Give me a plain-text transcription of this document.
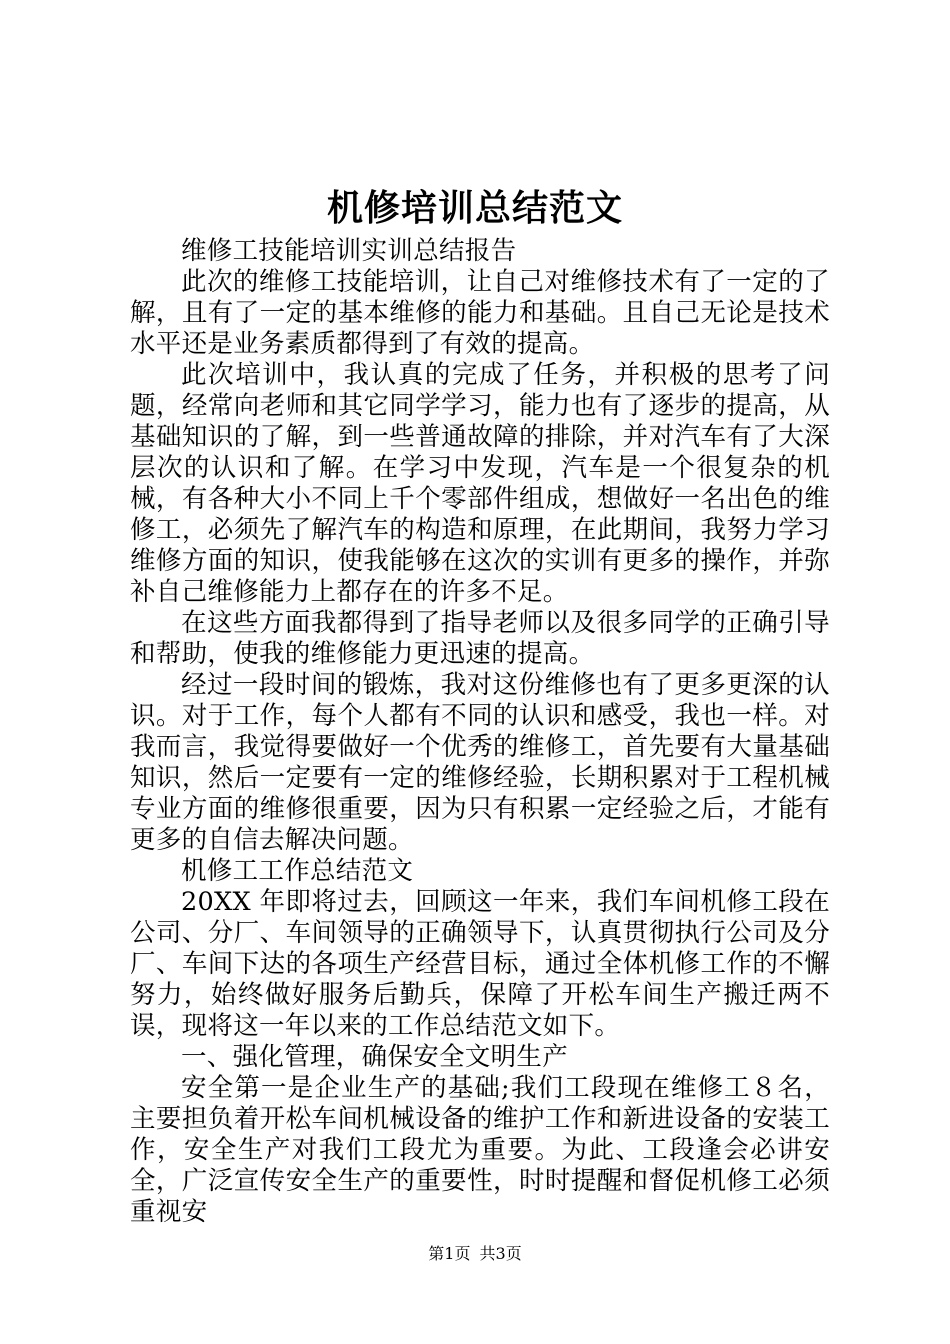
机修培训总结范文

维修工技能培训实训总结报告

此次的维修工技能培训，让自己对维修技术有了一定的了解，且有了一定的基本维修的能力和基础。且自己无论是技术水平还是业务素质都得到了有效的提高。

此次培训中，我认真的完成了任务，并积极的思考了问题，经常向老师和其它同学学习，能力也有了逐步的提高，从基础知识的了解，到一些普通故障的排除，并对汽车有了大深层次的认识和了解。在学习中发现，汽车是一个很复杂的机械，有各种大小不同上千个零部件组成，想做好一名出色的维修工，必须先了解汽车的构造和原理，在此期间，我努力学习维修方面的知识，使我能够在这次的实训有更多的操作，并弥补自己维修能力上都存在的许多不足。

在这些方面我都得到了指导老师以及很多同学的正确引导和帮助，使我的维修能力更迅速的提高。

经过一段时间的锻炼，我对这份维修也有了更多更深的认识。对于工作，每个人都有不同的认识和感受，我也一样。对我而言，我觉得要做好一个优秀的维修工，首先要有大量基础知识，然后一定要有一定的维修经验，长期积累对于工程机械专业方面的维修很重要，因为只有积累一定经验之后，才能有更多的自信去解决问题。

机修工工作总结范文

20XX 年即将过去，回顾这一年来，我们车间机修工段在公司、分厂、车间领导的正确领导下，认真贯彻执行公司及分厂、车间下达的各项生产经营目标，通过全体机修工作的不懈努力，始终做好服务后勤兵，保障了开松车间生产搬迁两不误，现将这一年以来的工作总结范文如下。

一、强化管理，确保安全文明生产

安全第一是企业生产的基础;我们工段现在维修工８名，主要担负着开松车间机械设备的维护工作和新进设备的安装工作，安全生产对我们工段尤为重要。为此、工段逢会必讲安全，广泛宣传安全生产的重要性，时时提醒和督促机修工必须重视安

第1页 共3页
